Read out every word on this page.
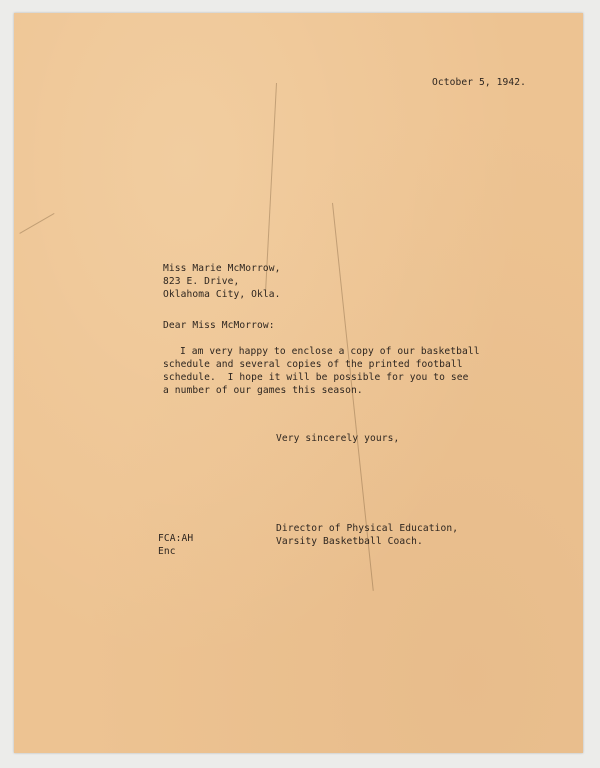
October 5, 1942.
Miss Marie McMorrow,
823 E. Drive,
Oklahoma City, Okla.
Dear Miss McMorrow:
I am very happy to enclose a copy of our basketball
schedule and several copies of the printed football
schedule.  I hope it will be possible for you to see
a number of our games this season.
Very sincerely yours,
Director of Physical Education,
Varsity Basketball Coach.
FCA:AH
Enc
